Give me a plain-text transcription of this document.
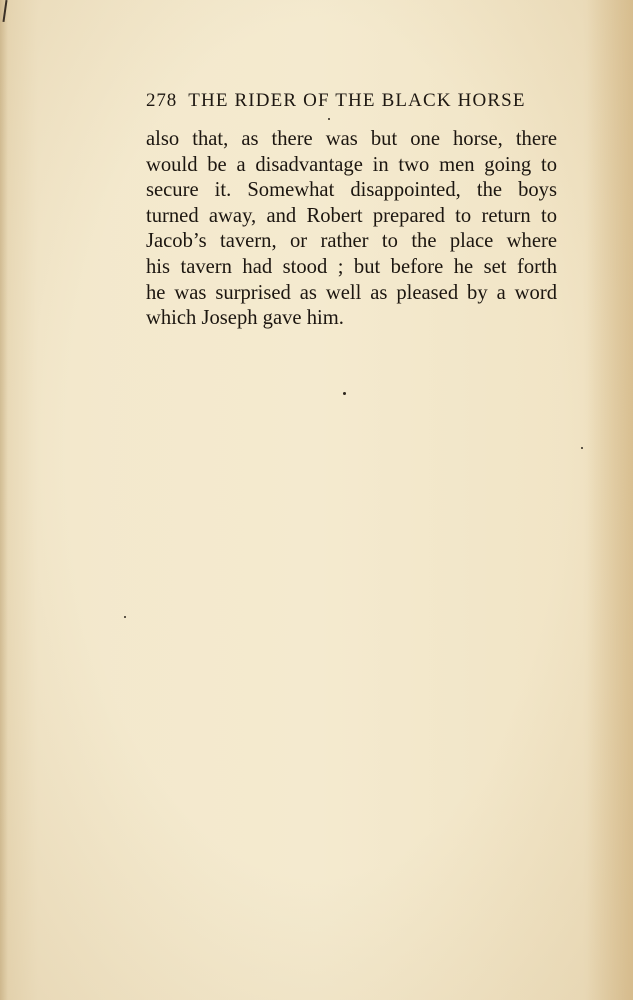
278 THE RIDER OF THE BLACK HORSE
also that, as there was but one horse, there
would be a disadvantage in two men going to
secure it. Somewhat disappointed, the boys
turned away, and Robert prepared to return to
Jacob’s tavern, or rather to the place where
his tavern had stood ; but before he set forth
he was surprised as well as pleased by a word
which Joseph gave him.
